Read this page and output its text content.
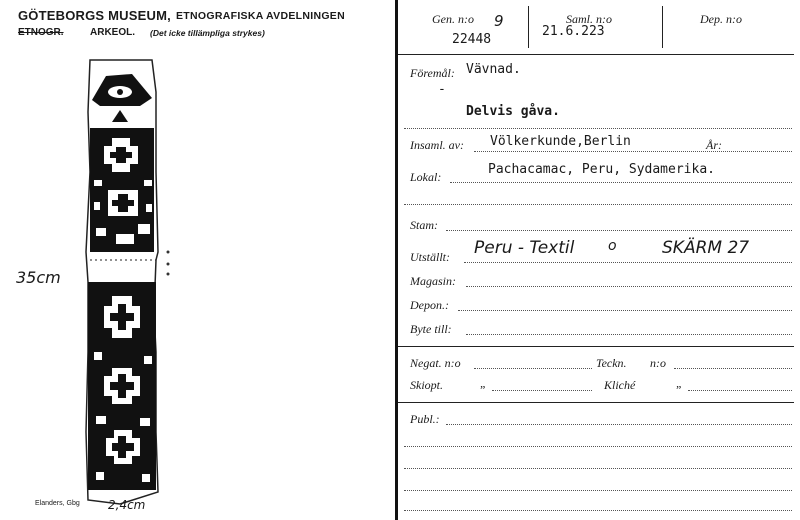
GÖTEBORGS MUSEUM, ETNOGRAFISKA AVDELNINGEN
ETNOGR.	ARKEOL. (Det icke tillämpliga strykes)
35cm
2,4cm
Elanders, Gbg
Gen. n:o 9
22448
Saml. n:o
21.6.223
Dep. n:o
Föremål: Vävnad.
-
Delvis gåva.
Insaml. av: Völkerkunde,Berlin	År:
Lokal:	Pachacamac, Peru, Sydamerika.
Stam:
Utställt: Peru - Textil o	SKÄRM 27
Magasin:
Depon.:
Byte till:
Negat. n:o	Teckn. n:o
Skiopt.	„	Kliché	„
Publ.:
